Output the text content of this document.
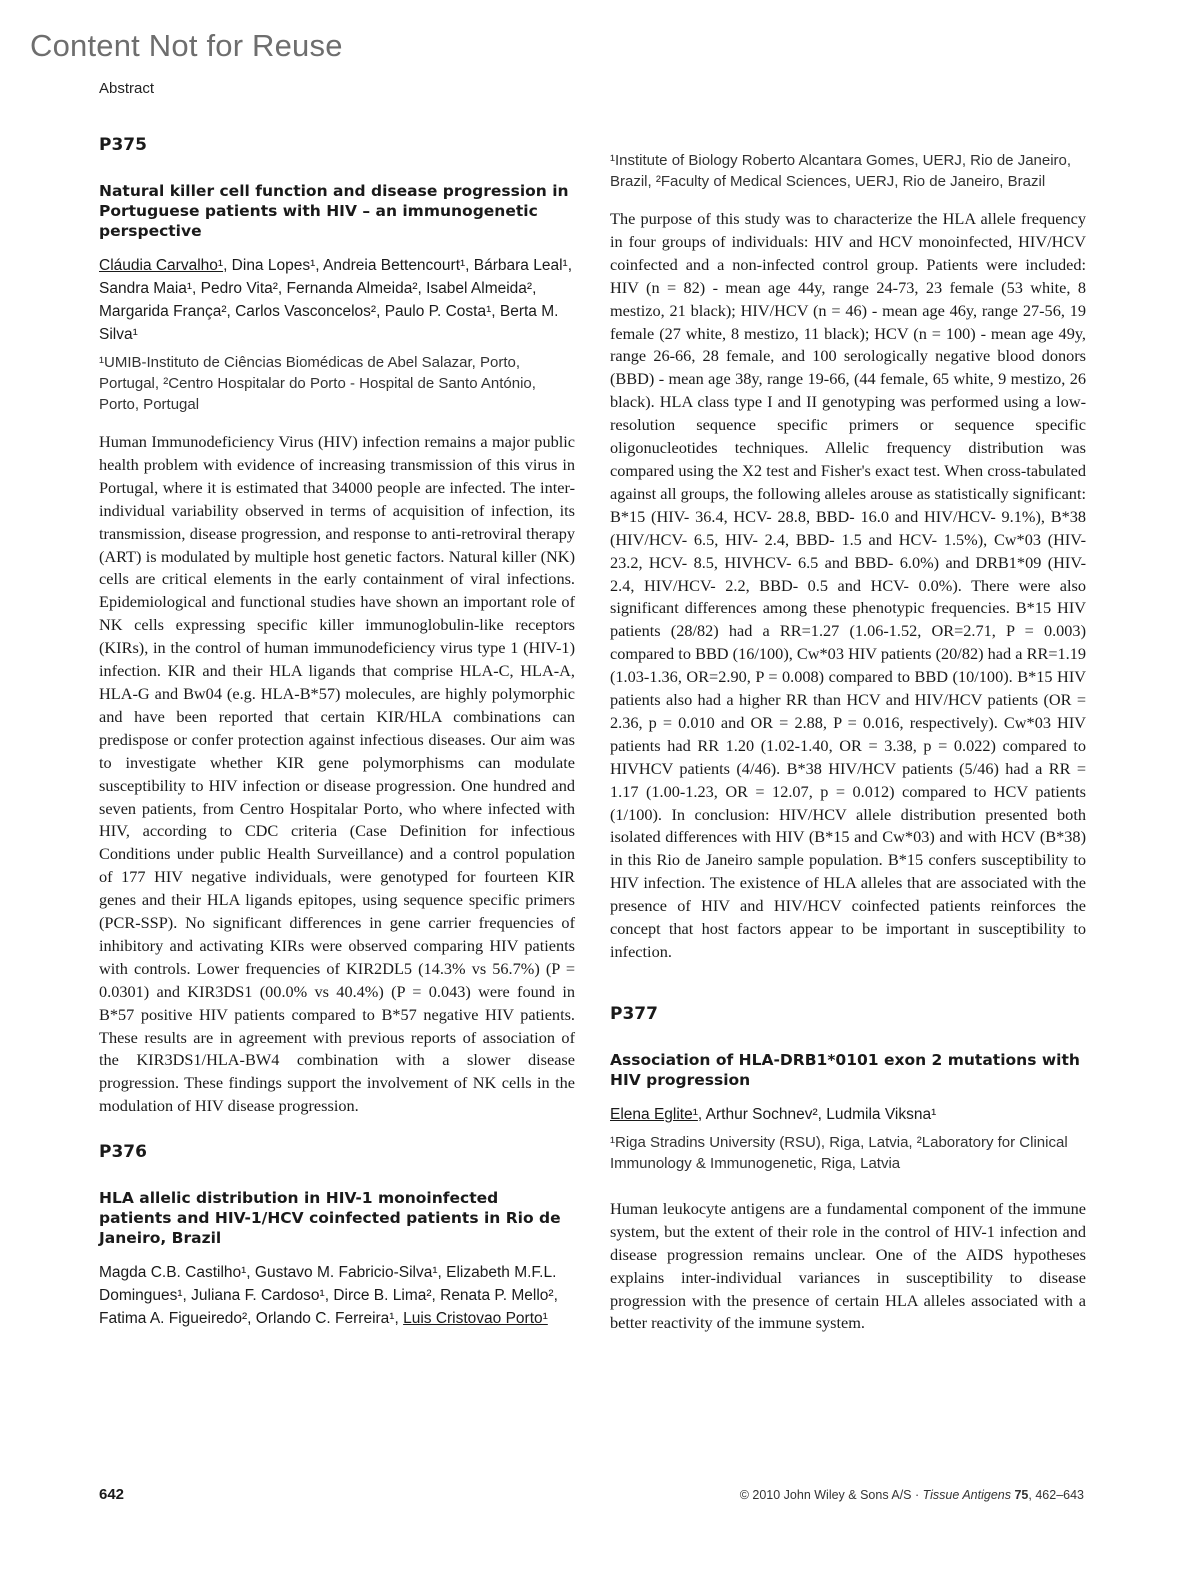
Content Not for Reuse
Abstract
P375
Natural killer cell function and disease progression in Portuguese patients with HIV – an immunogenetic perspective
Cláudia Carvalho¹, Dina Lopes¹, Andreia Bettencourt¹, Bárbara Leal¹, Sandra Maia¹, Pedro Vita², Fernanda Almeida², Isabel Almeida², Margarida França², Carlos Vasconcelos², Paulo P. Costa¹, Berta M. Silva¹
¹UMIB-Instituto de Ciências Biomédicas de Abel Salazar, Porto, Portugal, ²Centro Hospitalar do Porto - Hospital de Santo António, Porto, Portugal

Human Immunodeficiency Virus (HIV) infection remains a major public health problem with evidence of increasing transmission of this virus in Portugal, where it is estimated that 34000 people are infected. The inter-individual variability observed in terms of acquisition of infection, its transmission, disease progression, and response to anti-retroviral therapy (ART) is modulated by multiple host genetic factors. Natural killer (NK) cells are critical elements in the early containment of viral infections. Epidemiological and functional studies have shown an important role of NK cells expressing specific killer immunoglobulin-like receptors (KIRs), in the control of human immunodeficiency virus type 1 (HIV-1) infection. KIR and their HLA ligands that comprise HLA-C, HLA-A, HLA-G and Bw04 (e.g. HLA-B*57) molecules, are highly polymorphic and have been reported that certain KIR/HLA combinations can predispose or confer protection against infectious diseases. Our aim was to investigate whether KIR gene polymorphisms can modulate susceptibility to HIV infection or disease progression. One hundred and seven patients, from Centro Hospitalar Porto, who where infected with HIV, according to CDC criteria (Case Definition for infectious Conditions under public Health Surveillance) and a control population of 177 HIV negative individuals, were genotyped for fourteen KIR genes and their HLA ligands epitopes, using sequence specific primers (PCR-SSP). No significant differences in gene carrier frequencies of inhibitory and activating KIRs were observed comparing HIV patients with controls. Lower frequencies of KIR2DL5 (14.3% vs 56.7%) (P = 0.0301) and KIR3DS1 (00.0% vs 40.4%) (P = 0.043) were found in B*57 positive HIV patients compared to B*57 negative HIV patients. These results are in agreement with previous reports of association of the KIR3DS1/HLA-BW4 combination with a slower disease progression. These findings support the involvement of NK cells in the modulation of HIV disease progression.

P376
HLA allelic distribution in HIV-1 monoinfected patients and HIV-1/HCV coinfected patients in Rio de Janeiro, Brazil
Magda C.B. Castilho¹, Gustavo M. Fabricio-Silva¹, Elizabeth M.F.L. Domingues¹, Juliana F. Cardoso¹, Dirce B. Lima², Renata P. Mello², Fatima A. Figueiredo², Orlando C. Ferreira¹, Luis Cristovao Porto¹
¹Institute of Biology Roberto Alcantara Gomes, UERJ, Rio de Janeiro, Brazil, ²Faculty of Medical Sciences, UERJ, Rio de Janeiro, Brazil

The purpose of this study was to characterize the HLA allele frequency in four groups of individuals: HIV and HCV monoinfected, HIV/HCV coinfected and a non-infected control group. Patients were included: HIV (n = 82) - mean age 44y, range 24-73, 23 female (53 white, 8 mestizo, 21 black); HIV/HCV (n = 46) - mean age 46y, range 27-56, 19 female (27 white, 8 mestizo, 11 black); HCV (n = 100) - mean age 49y, range 26-66, 28 female, and 100 serologically negative blood donors (BBD) - mean age 38y, range 19-66, (44 female, 65 white, 9 mestizo, 26 black). HLA class type I and II genotyping was performed using a low-resolution sequence specific primers or sequence specific oligonucleotides techniques. Allelic frequency distribution was compared using the X2 test and Fisher's exact test. When cross-tabulated against all groups, the following alleles arouse as statistically significant: B*15 (HIV- 36.4, HCV- 28.8, BBD- 16.0 and HIV/HCV- 9.1%), B*38 (HIV/HCV- 6.5, HIV- 2.4, BBD- 1.5 and HCV- 1.5%), Cw*03 (HIV- 23.2, HCV- 8.5, HIVHCV- 6.5 and BBD- 6.0%) and DRB1*09 (HIV- 2.4, HIV/HCV- 2.2, BBD- 0.5 and HCV- 0.0%). There were also significant differences among these phenotypic frequencies. B*15 HIV patients (28/82) had a RR=1.27 (1.06-1.52, OR=2.71, P = 0.003) compared to BBD (16/100), Cw*03 HIV patients (20/82) had a RR=1.19 (1.03-1.36, OR=2.90, P = 0.008) compared to BBD (10/100). B*15 HIV patients also had a higher RR than HCV and HIV/HCV patients (OR = 2.36, p = 0.010 and OR = 2.88, P = 0.016, respectively). Cw*03 HIV patients had RR 1.20 (1.02-1.40, OR = 3.38, p = 0.022) compared to HIVHCV patients (4/46). B*38 HIV/HCV patients (5/46) had a RR = 1.17 (1.00-1.23, OR = 12.07, p = 0.012) compared to HCV patients (1/100). In conclusion: HIV/HCV allele distribution presented both isolated differences with HIV (B*15 and Cw*03) and with HCV (B*38) in this Rio de Janeiro sample population. B*15 confers susceptibility to HIV infection. The existence of HLA alleles that are associated with the presence of HIV and HIV/HCV coinfected patients reinforces the concept that host factors appear to be important in susceptibility to infection.

P377
Association of HLA-DRB1*0101 exon 2 mutations with HIV progression
Elena Eglite¹, Arthur Sochnev², Ludmila Viksna¹
¹Riga Stradins University (RSU), Riga, Latvia, ²Laboratory for Clinical Immunology & Immunogenetic, Riga, Latvia

Human leukocyte antigens are a fundamental component of the immune system, but the extent of their role in the control of HIV-1 infection and disease progression remains unclear. One of the AIDS hypotheses explains inter-individual variances in susceptibility to disease progression with the presence of certain HLA alleles associated with a better reactivity of the immune system.

642	© 2010 John Wiley & Sons A/S · Tissue Antigens 75, 462–643
